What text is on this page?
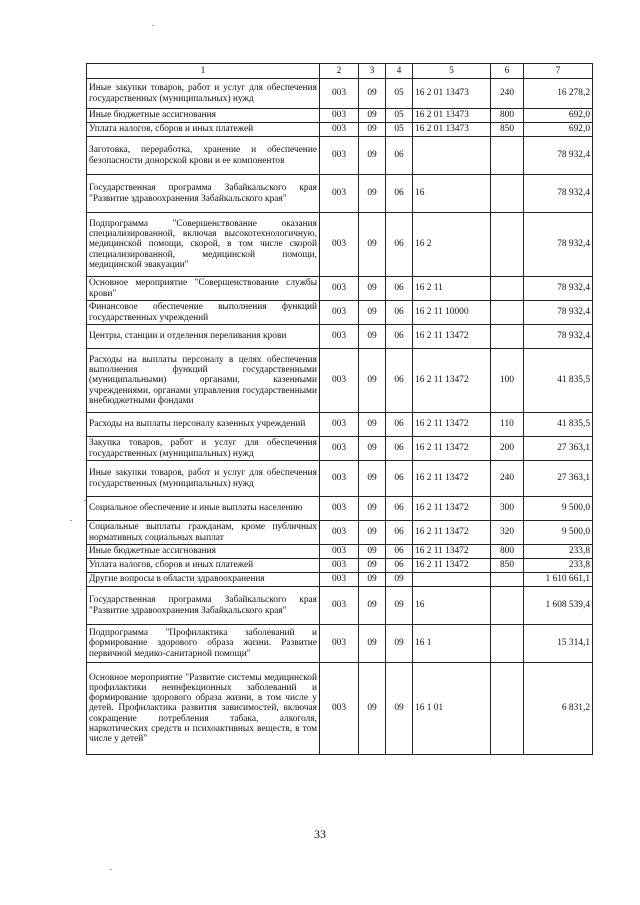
1	2	3	4	5	6	7
Иные закупки товаров, работ и услуг для обеспечения государственных (муниципальных) нужд	003	09	05	16 2 01 13473	240	16 278,2
Иные бюджетные ассигнования	003	09	05	16 2 01 13473	800	692,0
Уплата налогов, сборов и иных платежей	003	09	05	16 2 01 13473	850	692,0
Заготовка, переработка, хранение и обеспечение безопасности донорской крови и ее компонентов	003	09	06			78 932,4
Государственная программа Забайкальского края "Развитие здравоохранения Забайкальского края"	003	09	06	16		78 932,4
Подпрограмма "Совершенствование оказания специализированной, включая высокотехнологичную, медицинской помощи, скорой, в том числе скорой специализированной, медицинской помощи, медицинской эвакуации"	003	09	06	16 2		78 932,4
Основное мероприятие "Совершенствование службы крови"	003	09	06	16 2 11		78 932,4
Финансовое обеспечение выполнения функций государственных учреждений	003	09	06	16 2 11 10000		78 932,4
Центры, станции и отделения переливания крови	003	09	06	16 2 11 13472		78 932,4
Расходы на выплаты персоналу в целях обеспечения выполнения функций государственными (муниципальными) органами, казенными учреждениями, органами управления государственными внебюджетными фондами	003	09	06	16 2 11 13472	100	41 835,5
Расходы на выплаты персоналу казенных учреждений	003	09	06	16 2 11 13472	110	41 835,5
Закупка товаров, работ и услуг для обеспечения государственных (муниципальных) нужд	003	09	06	16 2 11 13472	200	27 363,1
Иные закупки товаров, работ и услуг для обеспечения государственных (муниципальных) нужд	003	09	06	16 2 11 13472	240	27 363,1
Социальное обеспечение и иные выплаты населению	003	09	06	16 2 11 13472	300	9 500,0
Социальные выплаты гражданам, кроме публичных нормативных социальных выплат	003	09	06	16 2 11 13472	320	9 500,0
Иные бюджетные ассигнования	003	09	06	16 2 11 13472	800	233,8
Уплата налогов, сборов и иных платежей	003	09	06	16 2 11 13472	850	233,8
Другие вопросы в области здравоохранения	003	09	09			1 610 661,1
Государственная программа Забайкальского края "Развитие здравоохранения Забайкальского края"	003	09	09	16		1 608 539,4
Подпрограмма "Профилактика заболеваний и формирование здорового образа жизни. Развитие первичной медико-санитарной помощи"	003	09	09	16 1		15 314,1
Основное мероприятие "Развитие системы медицинской профилактики неинфекционных заболеваний и формирование здорового образа жизни, в том числе у детей. Профилактика развития зависимостей, включая сокращение потребления табака, алкоголя, наркотических средств и психоактивных веществ, в том числе у детей"	003	09	09	16 1 01		6 831,2
33
